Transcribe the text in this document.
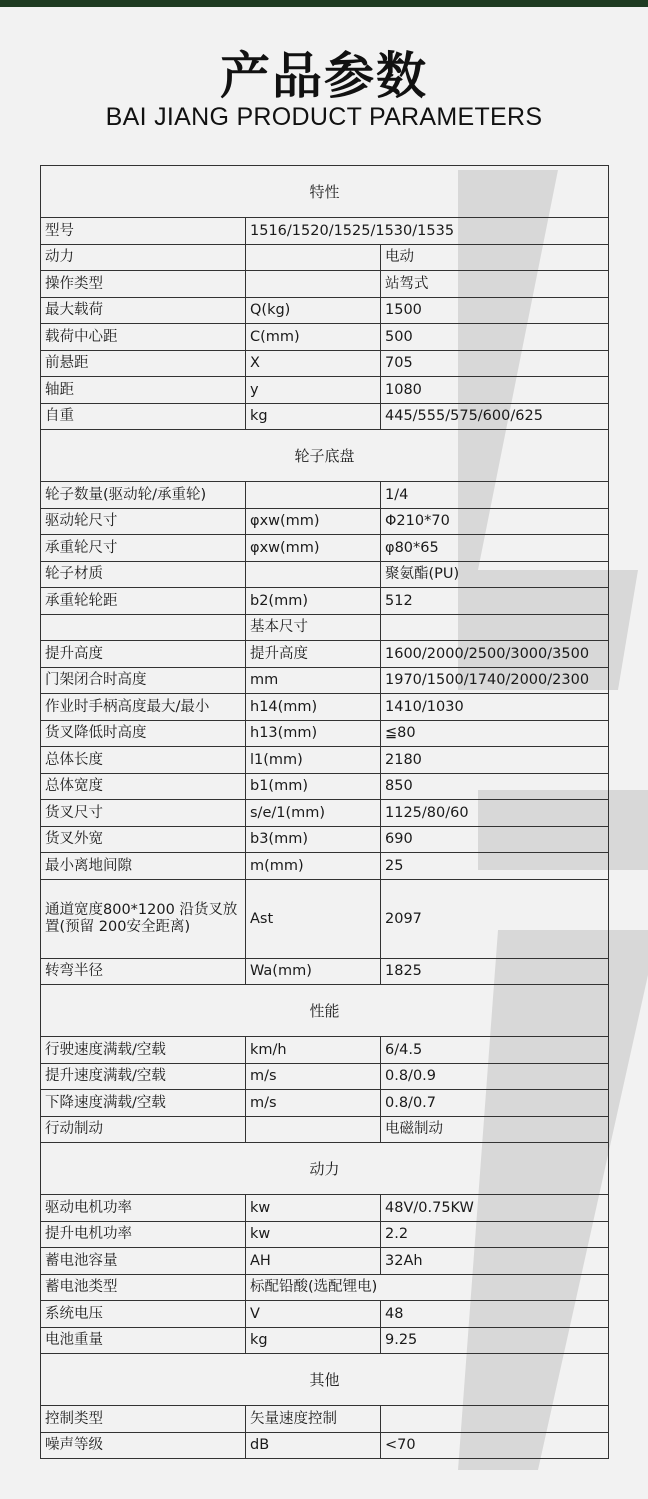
产品参数
BAI JIANG PRODUCT PARAMETERS
特性		
型号	1516/1520/1525/1530/1535	
动力		电动
操作类型		站驾式
最大载荷	Q(kg)	1500
载荷中心距	C(mm)	500
前悬距	X	705
轴距	y	1080
自重	kg	445/555/575/600/625
轮子底盘		
轮子数量(驱动轮/承重轮)		1/4
驱动轮尺寸	φxw(mm)	Φ210*70
承重轮尺寸	φxw(mm)	φ80*65
轮子材质		聚氨酯(PU)
承重轮轮距	b2(mm)	512
	基本尺寸	
提升高度	提升高度	1600/2000/2500/3000/3500
门架闭合时高度	mm	1970/1500/1740/2000/2300
作业时手柄高度最大/最小	h14(mm)	1410/1030
货叉降低时高度	h13(mm)	≦80
总体长度	l1(mm)	2180
总体宽度	b1(mm)	850
货叉尺寸	s/e/1(mm)	1125/80/60
货叉外宽	b3(mm)	690
最小离地间隙	m(mm)	25
通道宽度800*1200 沿货叉放置(预留 200安全距离)	Ast	2097
转弯半径	Wa(mm)	1825
性能		
行驶速度满载/空载	km/h	6/4.5
提升速度满载/空载	m/s	0.8/0.9
下降速度满载/空载	m/s	0.8/0.7
行动制动		电磁制动
动力		
驱动电机功率	kw	48V/0.75KW
提升电机功率	kw	2.2
蓄电池容量	AH	32Ah
蓄电池类型	标配铅酸(选配锂电)	
系统电压	V	48
电池重量	kg	9.25
其他		
控制类型	矢量速度控制	
噪声等级	dB	<70
